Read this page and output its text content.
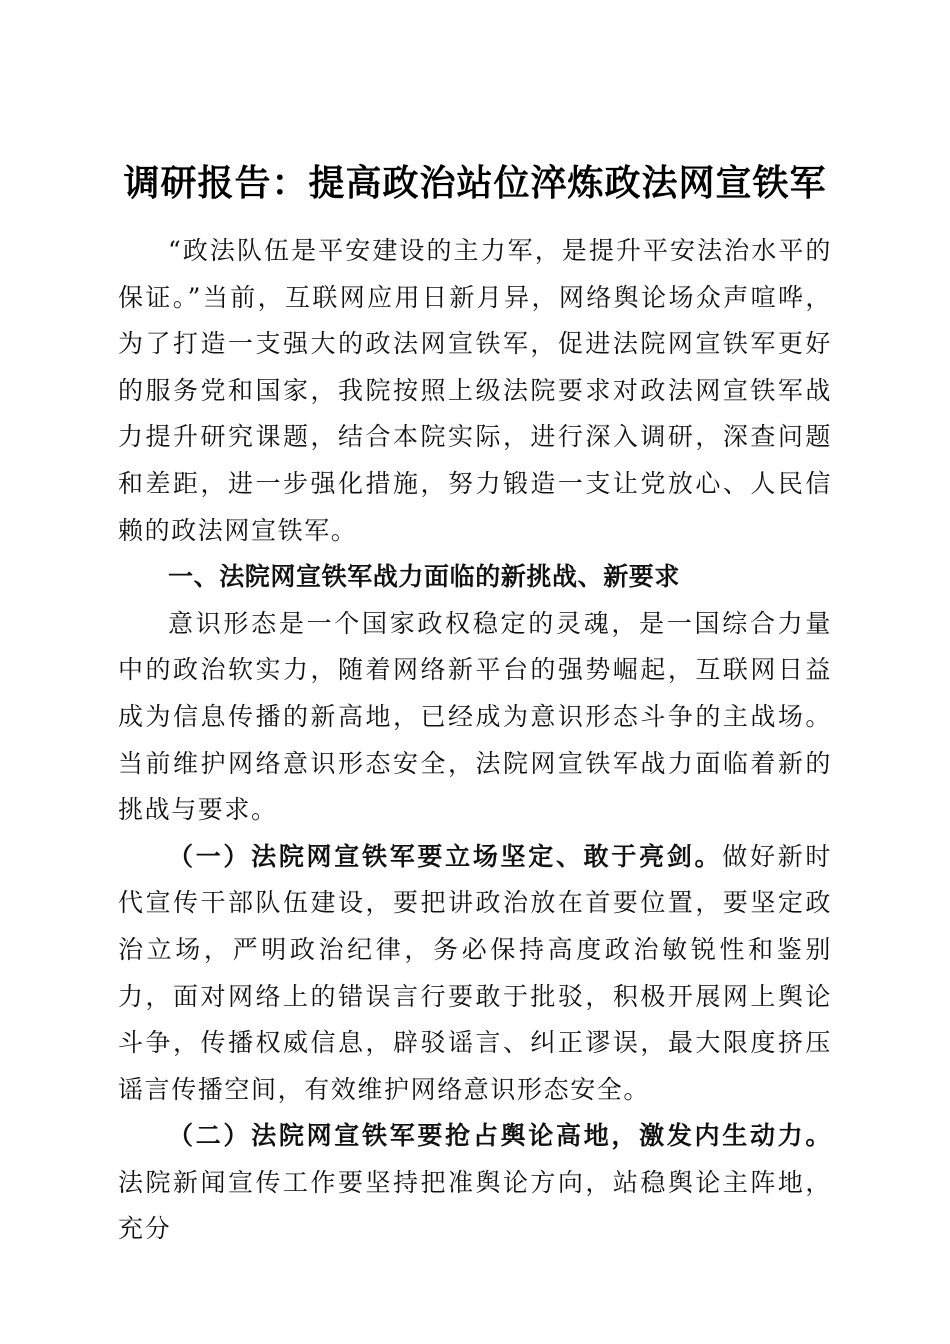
调研报告：提高政治站位淬炼政法网宣铁军

“政法队伍是平安建设的主力军，是提升平安法治水平的保证。”当前，互联网应用日新月异，网络舆论场众声喧哗，为了打造一支强大的政法网宣铁军，促进法院网宣铁军更好的服务党和国家，我院按照上级法院要求对政法网宣铁军战力提升研究课题，结合本院实际，进行深入调研，深查问题和差距，进一步强化措施，努力锻造一支让党放心、人民信赖的政法网宣铁军。

一、法院网宣铁军战力面临的新挑战、新要求

意识形态是一个国家政权稳定的灵魂，是一国综合力量中的政治软实力，随着网络新平台的强势崛起，互联网日益成为信息传播的新高地，已经成为意识形态斗争的主战场。当前维护网络意识形态安全，法院网宣铁军战力面临着新的挑战与要求。

（一）法院网宣铁军要立场坚定、敢于亮剑。做好新时代宣传干部队伍建设，要把讲政治放在首要位置，要坚定政治立场，严明政治纪律，务必保持高度政治敏锐性和鉴别力，面对网络上的错误言行要敢于批驳，积极开展网上舆论斗争，传播权威信息，辟驳谣言、纠正谬误，最大限度挤压谣言传播空间，有效维护网络意识形态安全。

（二）法院网宣铁军要抢占舆论高地，激发内生动力。法院新闻宣传工作要坚持把准舆论方向，站稳舆论主阵地，充分
